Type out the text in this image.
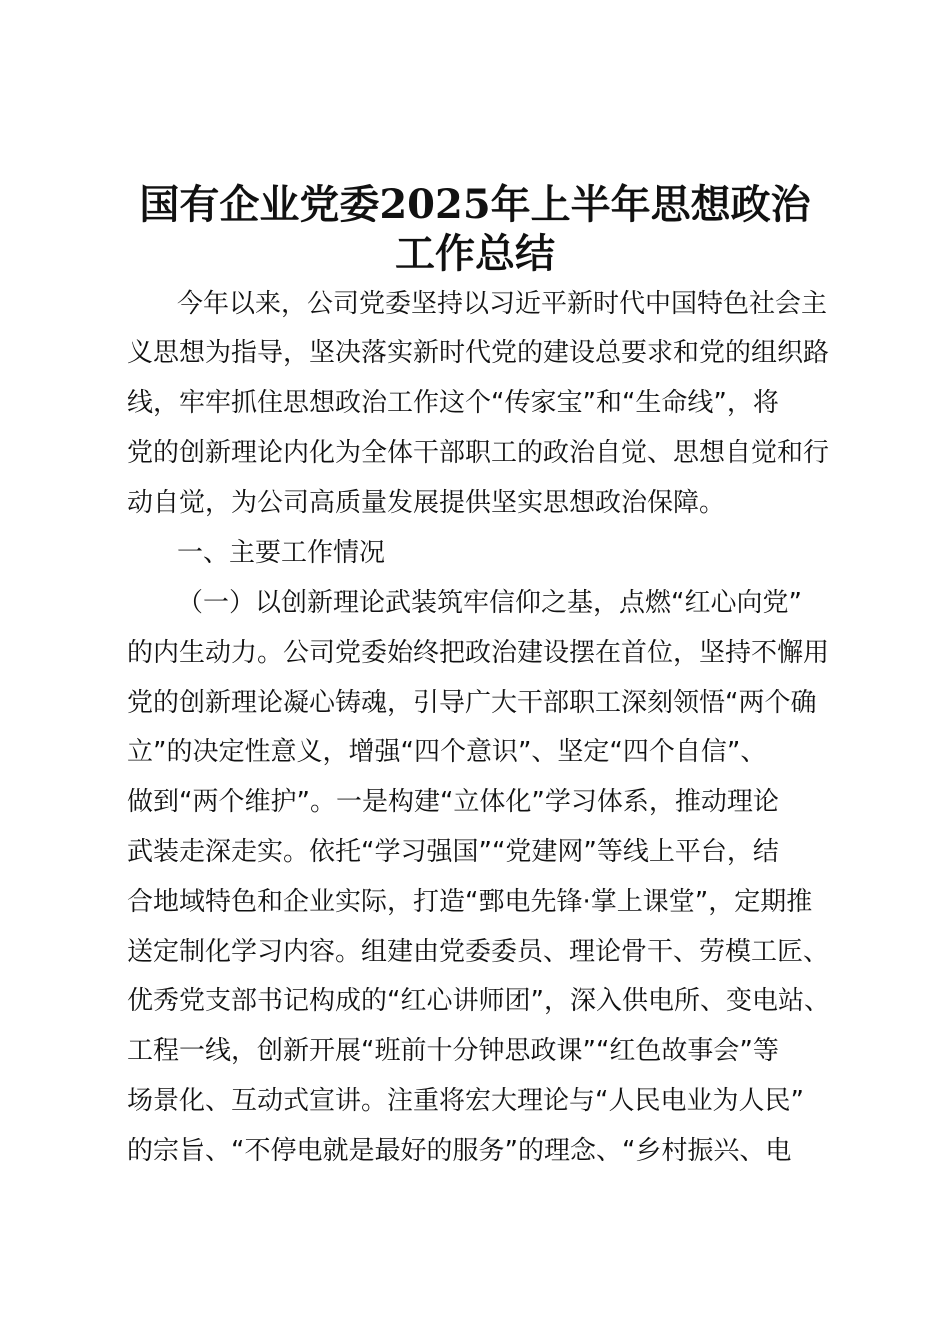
国有企业党委2025年上半年思想政治
工作总结
今年以来，公司党委坚持以习近平新时代中国特色社会主
义思想为指导，坚决落实新时代党的建设总要求和党的组织路
线，牢牢抓住思想政治工作这个“传家宝”和“生命线”，将
党的创新理论内化为全体干部职工的政治自觉、思想自觉和行
动自觉，为公司高质量发展提供坚实思想政治保障。
一、主要工作情况
（一）以创新理论武装筑牢信仰之基，点燃“红心向党”
的内生动力。公司党委始终把政治建设摆在首位，坚持不懈用
党的创新理论凝心铸魂，引导广大干部职工深刻领悟“两个确
立”的决定性意义，增强“四个意识”、坚定“四个自信”、
做到“两个维护”。一是构建“立体化”学习体系，推动理论
武装走深走实。依托“学习强国”“党建网”等线上平台，结
合地域特色和企业实际，打造“鄄电先锋·掌上课堂”，定期推
送定制化学习内容。组建由党委委员、理论骨干、劳模工匠、
优秀党支部书记构成的“红心讲师团”，深入供电所、变电站、
工程一线，创新开展“班前十分钟思政课”“红色故事会”等
场景化、互动式宣讲。注重将宏大理论与“人民电业为人民”
的宗旨、“不停电就是最好的服务”的理念、“乡村振兴、电
